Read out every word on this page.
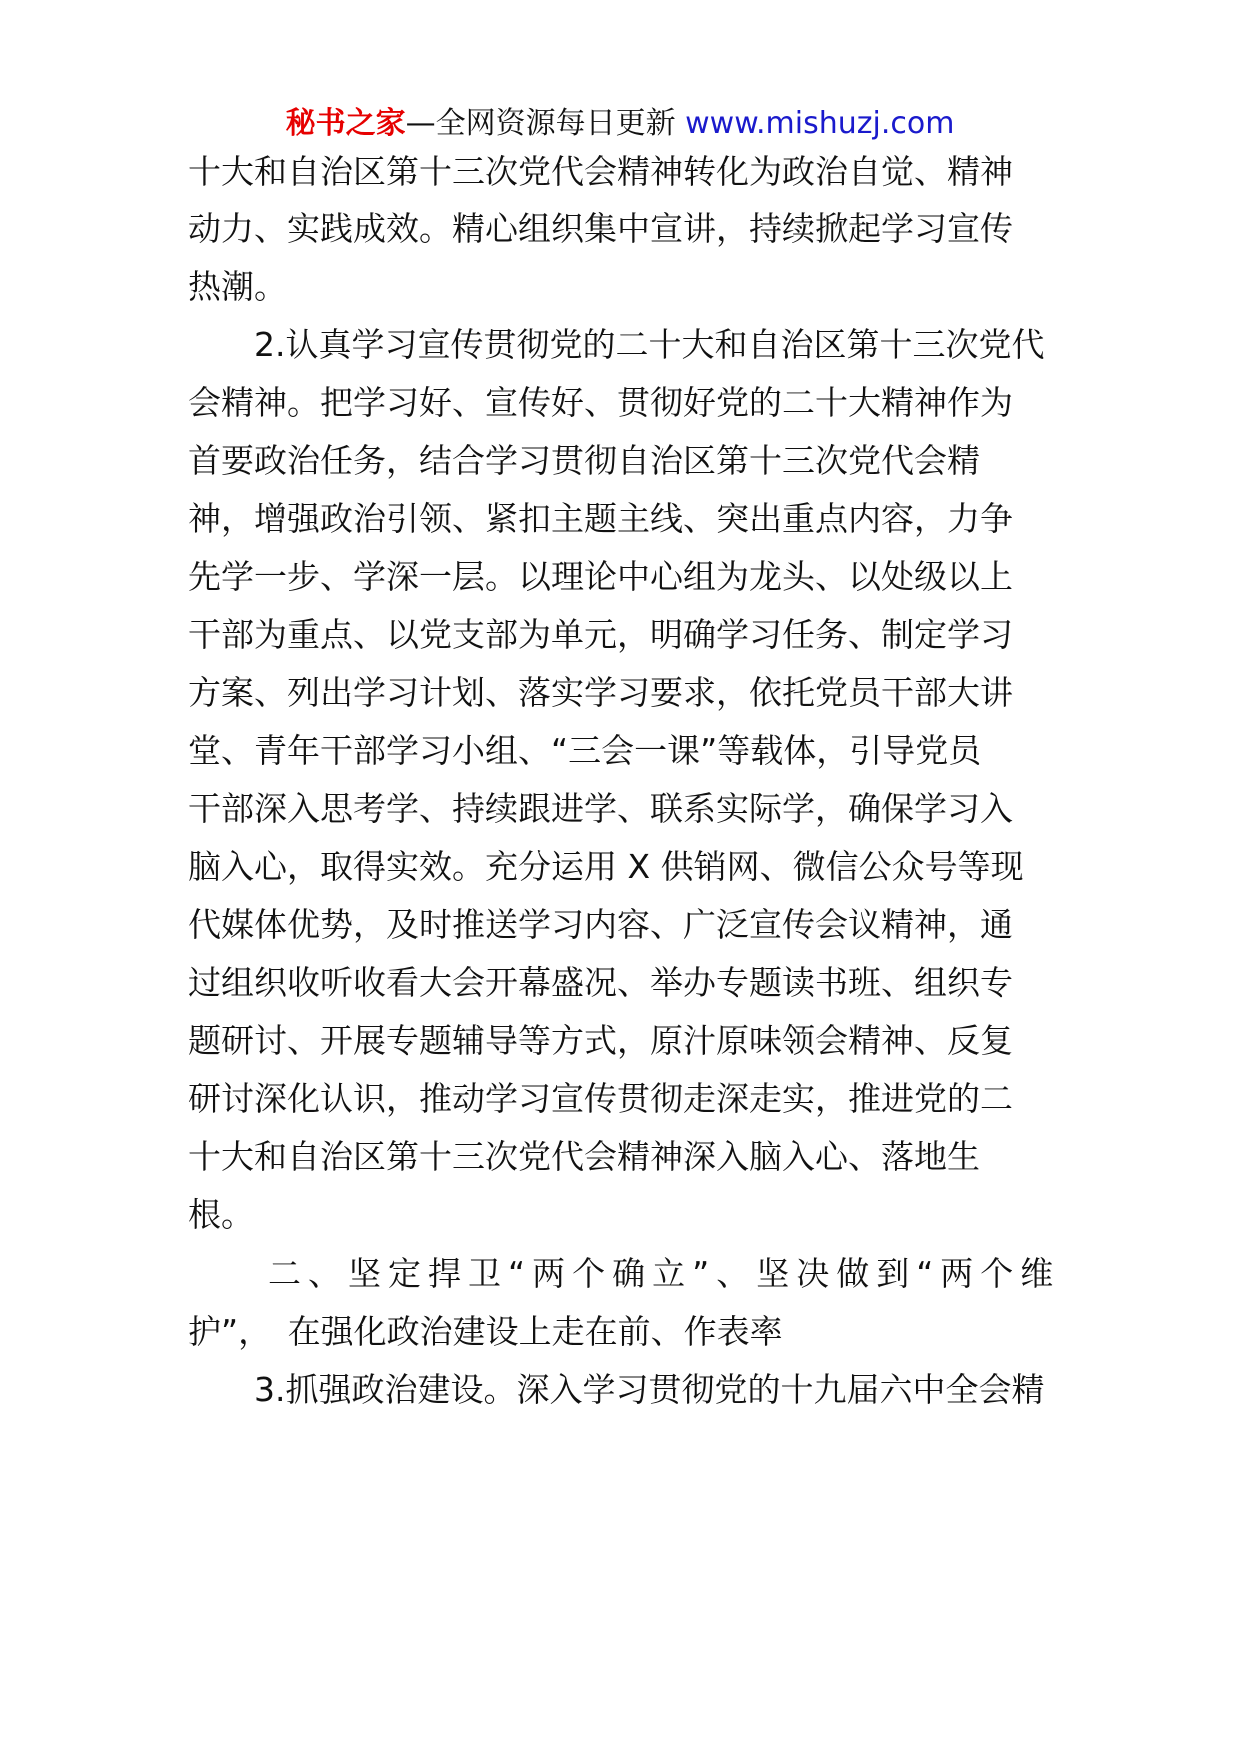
秘书之家—全网资源每日更新 www.mishuzj.com
十大和自治区第十三次党代会精神转化为政治自觉、精神
动力、实践成效。精心组织集中宣讲，持续掀起学习宣传
热潮。
　　2.认真学习宣传贯彻党的二十大和自治区第十三次党代
会精神。把学习好、宣传好、贯彻好党的二十大精神作为
首要政治任务，结合学习贯彻自治区第十三次党代会精
神，增强政治引领、紧扣主题主线、突出重点内容，力争
先学一步、学深一层。以理论中心组为龙头、以处级以上
干部为重点、以党支部为单元，明确学习任务、制定学习
方案、列出学习计划、落实学习要求，依托党员干部大讲
堂、青年干部学习小组、“三会一课”等载体，引导党员
干部深入思考学、持续跟进学、联系实际学，确保学习入
脑入心，取得实效。充分运用 X 供销网、微信公众号等现
代媒体优势，及时推送学习内容、广泛宣传会议精神，通
过组织收听收看大会开幕盛况、举办专题读书班、组织专
题研讨、开展专题辅导等方式，原汁原味领会精神、反复
研讨深化认识，推动学习宣传贯彻走深走实，推进党的二
十大和自治区第十三次党代会精神深入脑入心、落地生
根。
　　二、坚定捍卫“两个确立”、坚决做到“两个维
护”，　在强化政治建设上走在前、作表率
　　3.抓强政治建设。深入学习贯彻党的十九届六中全会精
